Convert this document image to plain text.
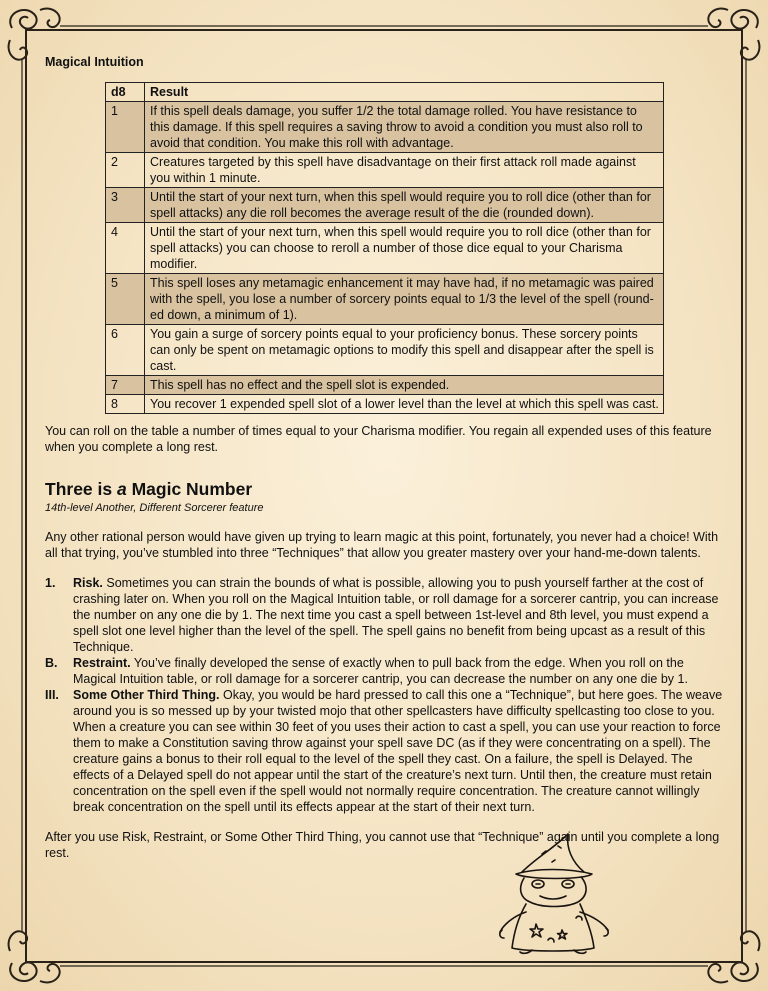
Magical Intuition

d8	Result
1	If this spell deals damage, you suffer 1/2 the total damage rolled. You have resistance to this damage. If this spell requires a saving throw to avoid a condition you must also roll to avoid that condition. You make this roll with advantage.
2	Creatures targeted by this spell have disadvantage on their first attack roll made against you within 1 minute.
3	Until the start of your next turn, when this spell would require you to roll dice (other than for spell attacks) any die roll becomes the average result of the die (rounded down).
4	Until the start of your next turn, when this spell would require you to roll dice (other than for spell attacks) you can choose to reroll a number of those dice equal to your Charisma modifier.
5	This spell loses any metamagic enhancement it may have had, if no metamagic was paired with the spell, you lose a number of sorcery points equal to 1/3 the level of the spell (round-ed down, a minimum of 1).
6	You gain a surge of sorcery points equal to your proficiency bonus. These sorcery points can only be spent on metamagic options to modify this spell and disappear after the spell is cast.
7	This spell has no effect and the spell slot is expended.
8	You recover 1 expended spell slot of a lower level than the level at which this spell was cast.

You can roll on the table a number of times equal to your Charisma modifier. You regain all expended uses of this feature when you complete a long rest.

Three is a Magic Number
14th-level Another, Different Sorcerer feature

Any other rational person would have given up trying to learn magic at this point, fortunately, you never had a choice! With all that trying, you’ve stumbled into three “Techniques” that allow you greater mastery over your hand-me-down talents.

1.	Risk. Sometimes you can strain the bounds of what is possible, allowing you to push yourself farther at the cost of crashing later on. When you roll on the Magical Intuition table, or roll damage for a sorcerer cantrip, you can increase the number on any one die by 1. The next time you cast a spell between 1st-level and 8th level, you must expend a spell slot one level higher than the level of the spell. The spell gains no benefit from being upcast as a result of this Technique.
B.	Restraint. You’ve finally developed the sense of exactly when to pull back from the edge. When you roll on the Magical Intuition table, or roll damage for a sorcerer cantrip, you can decrease the number on any one die by 1.
III.	Some Other Third Thing. Okay, you would be hard pressed to call this one a “Technique”, but here goes. The weave around you is so messed up by your twisted mojo that other spellcasters have difficulty spellcasting too close to you. When a creature you can see within 30 feet of you uses their action to cast a spell, you can use your reaction to force them to make a Constitution saving throw against your spell save DC (as if they were concentrating on a spell). The creature gains a bonus to their roll equal to the level of the spell they cast. On a failure, the spell is Delayed. The effects of a Delayed spell do not appear until the start of the creature’s next turn. Until then, the creature must retain concentration on the spell even if the spell would not normally require concentration. The creature cannot willingly break concentration on the spell until its effects appear at the start of their next turn.

After you use Risk, Restraint, or Some Other Third Thing, you cannot use that “Technique” again until you complete a long rest.
